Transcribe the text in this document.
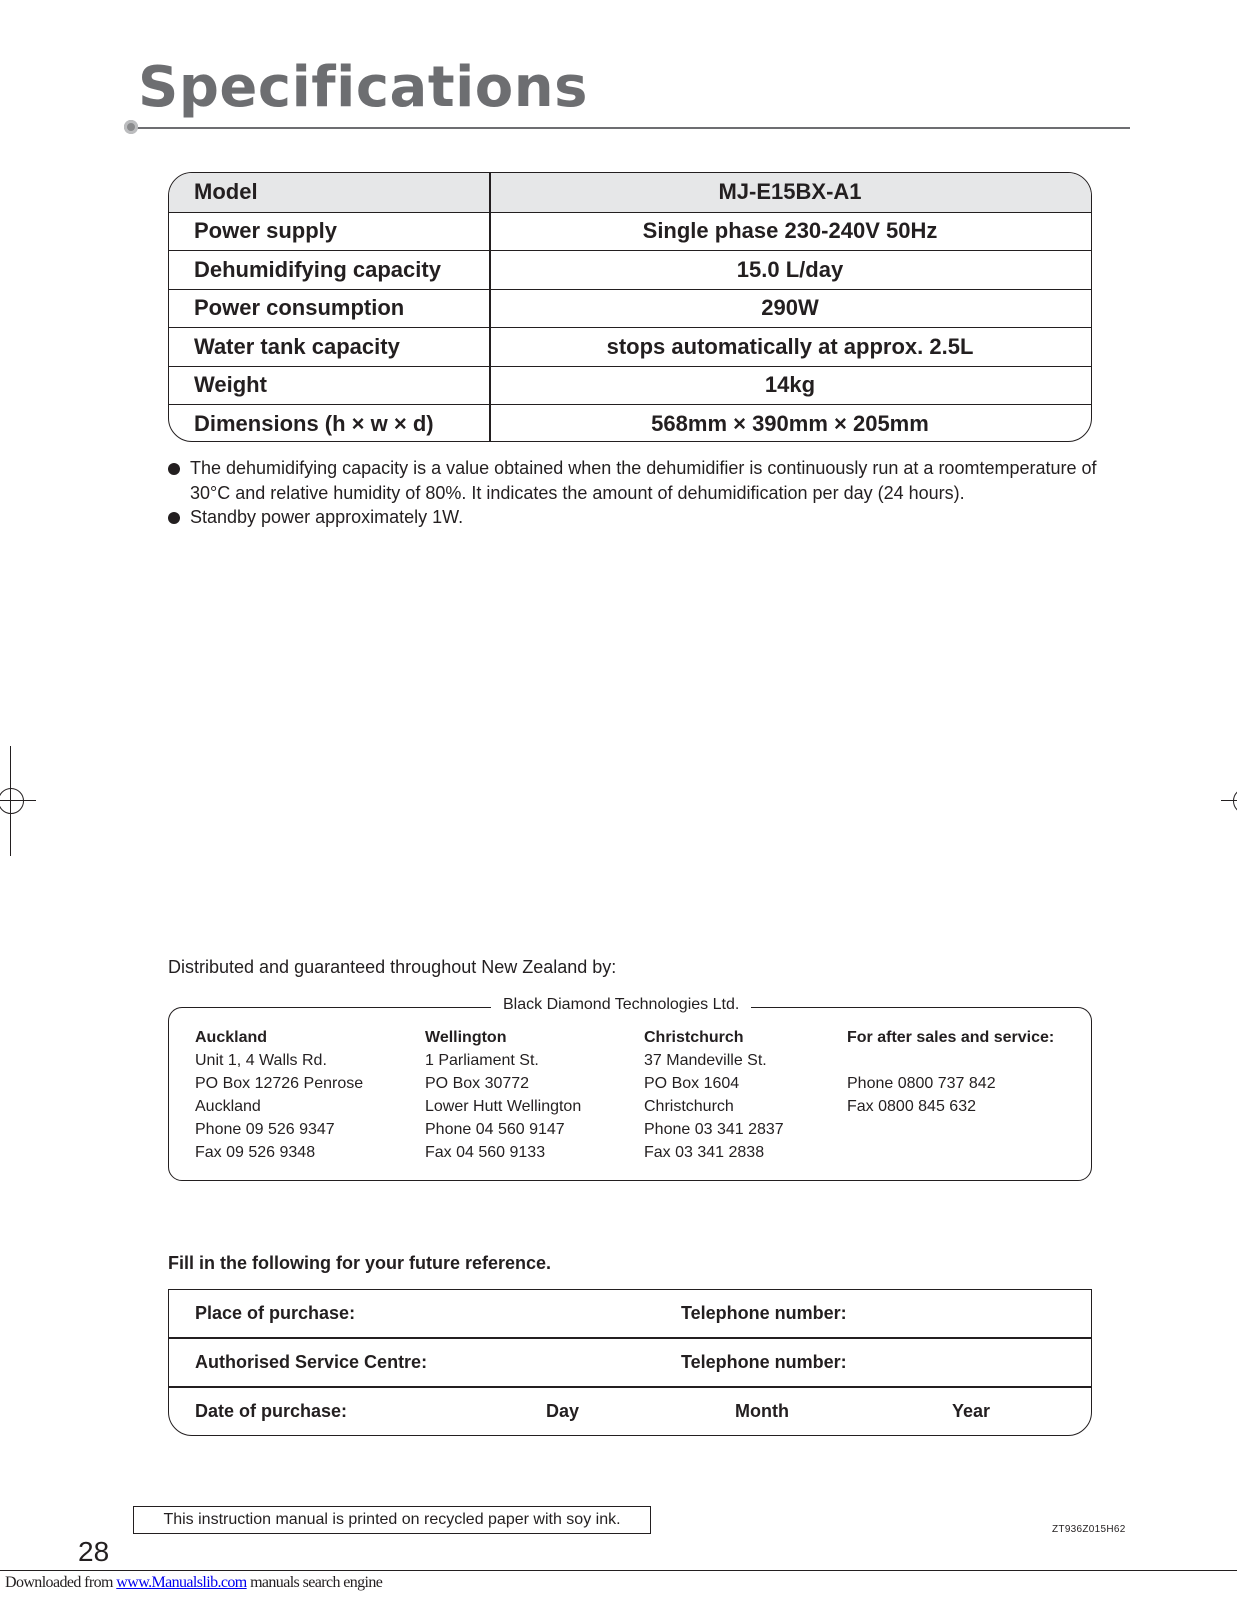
Specifications
Model	MJ-E15BX-A1
Power supply	Single phase 230-240V 50Hz
Dehumidifying capacity	15.0 L/day
Power consumption	290W
Water tank capacity	stops automatically at approx. 2.5L
Weight	14kg
Dimensions (h × w × d)	568mm × 390mm × 205mm

The dehumidifying capacity is a value obtained when the dehumidifier is continuously run at a roomtemperature of 30°C and relative humidity of 80%. It indicates the amount of dehumidification per day (24 hours).

Standby power approximately 1W.

Distributed and guaranteed throughout New Zealand by:
Black Diamond Technologies Ltd.
Auckland
Unit 1, 4 Walls Rd.
PO Box 12726 Penrose
Auckland
Phone 09 526 9347
Fax 09 526 9348
Wellington
1 Parliament St.
PO Box 30772
Lower Hutt Wellington
Phone 04 560 9147
Fax 04 560 9133
Christchurch
37 Mandeville St.
PO Box 1604
Christchurch
Phone 03 341 2837
Fax 03 341 2838
For after sales and service:

Phone 0800 737 842
Fax 0800 845 632
Fill in the following for your future reference.
Place of purchase:	Telephone number:
Authorised Service Centre:	Telephone number:
Date of purchase:	Day	Month	Year
This instruction manual is printed on recycled paper with soy ink.
ZT936Z015H62
28
Downloaded from www.Manualslib.com manuals search engine
